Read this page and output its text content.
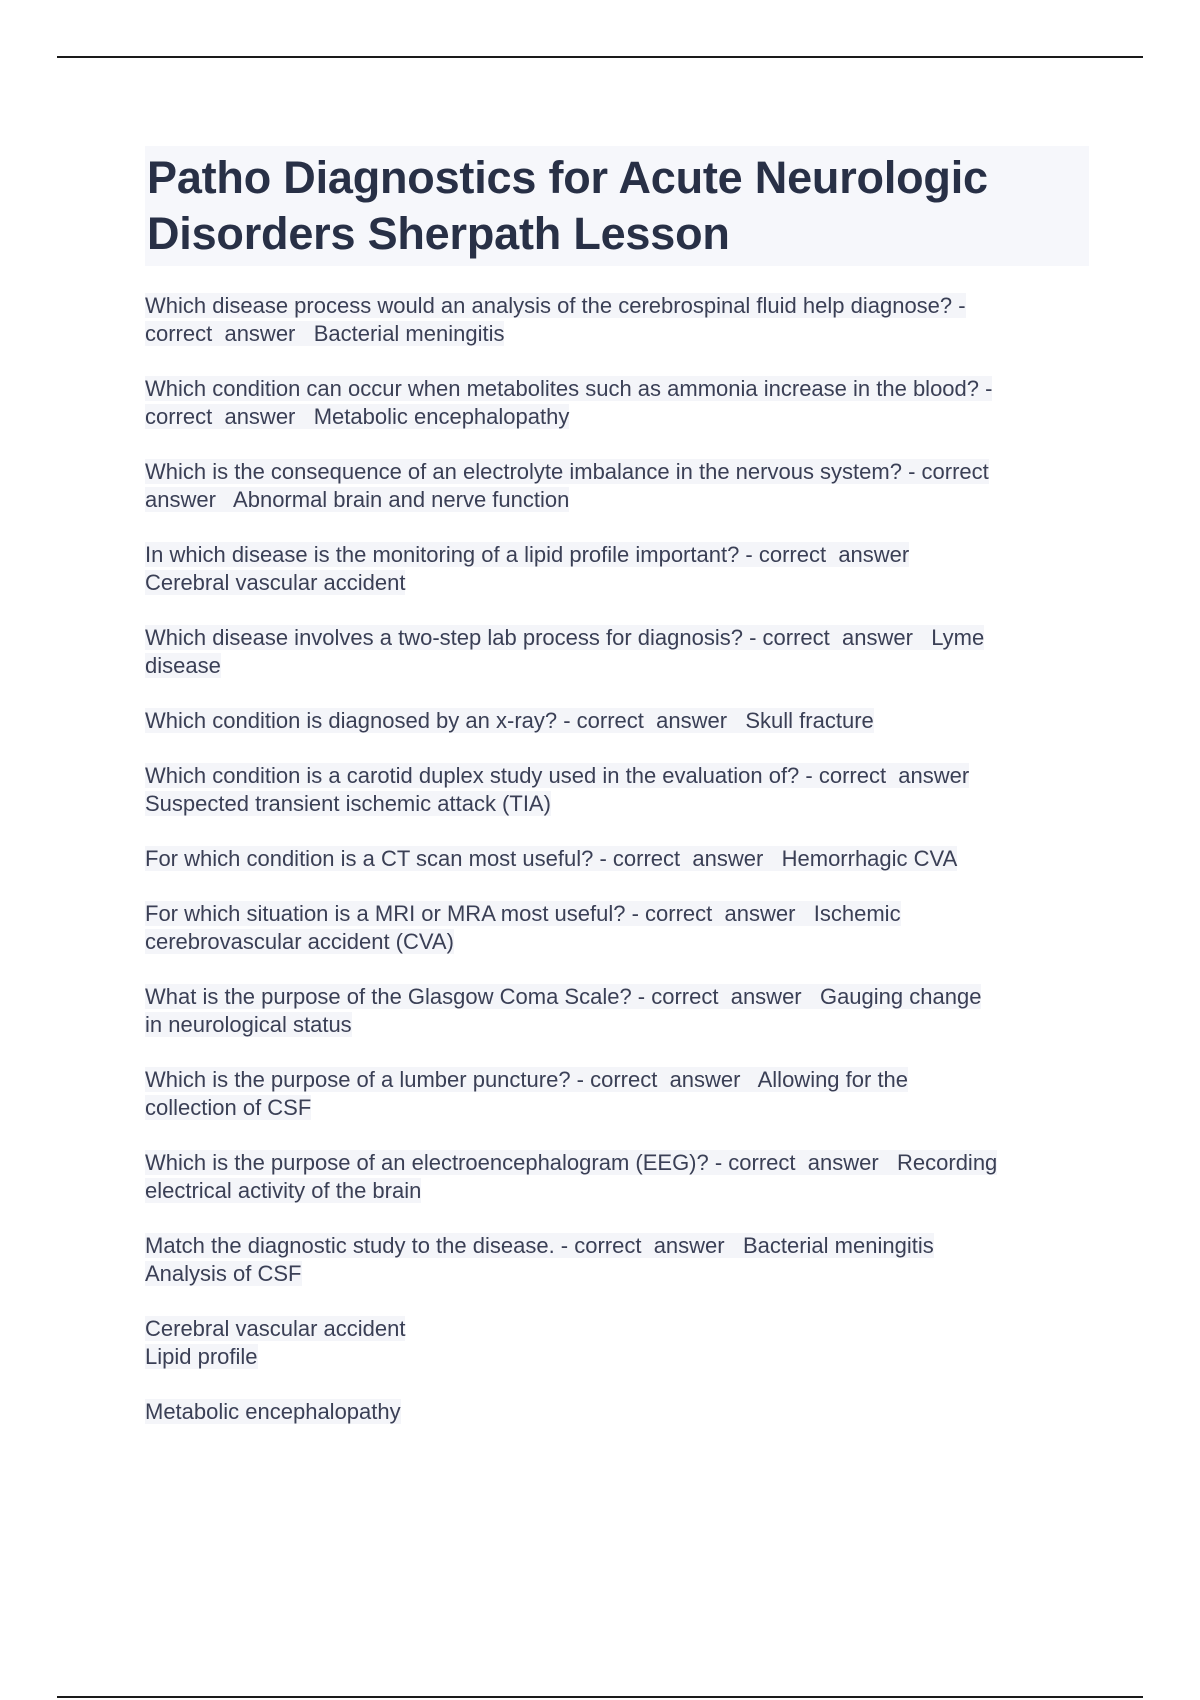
Patho Diagnostics for Acute Neurologic
Disorders Sherpath Lesson

Which disease process would an analysis of the cerebrospinal fluid help diagnose? -
correct  answer   Bacterial meningitis

Which condition can occur when metabolites such as ammonia increase in the blood? -
correct  answer   Metabolic encephalopathy

Which is the consequence of an electrolyte imbalance in the nervous system? - correct
answer   Abnormal brain and nerve function

In which disease is the monitoring of a lipid profile important? - correct  answer
Cerebral vascular accident

Which disease involves a two-step lab process for diagnosis? - correct  answer   Lyme
disease

Which condition is diagnosed by an x-ray? - correct  answer   Skull fracture

Which condition is a carotid duplex study used in the evaluation of? - correct  answer
Suspected transient ischemic attack (TIA)

For which condition is a CT scan most useful? - correct  answer   Hemorrhagic CVA

For which situation is a MRI or MRA most useful? - correct  answer   Ischemic
cerebrovascular accident (CVA)

What is the purpose of the Glasgow Coma Scale? - correct  answer   Gauging change
in neurological status

Which is the purpose of a lumber puncture? - correct  answer   Allowing for the
collection of CSF

Which is the purpose of an electroencephalogram (EEG)? - correct  answer   Recording
electrical activity of the brain

Match the diagnostic study to the disease. - correct  answer   Bacterial meningitis
Analysis of CSF

Cerebral vascular accident
Lipid profile

Metabolic encephalopathy
